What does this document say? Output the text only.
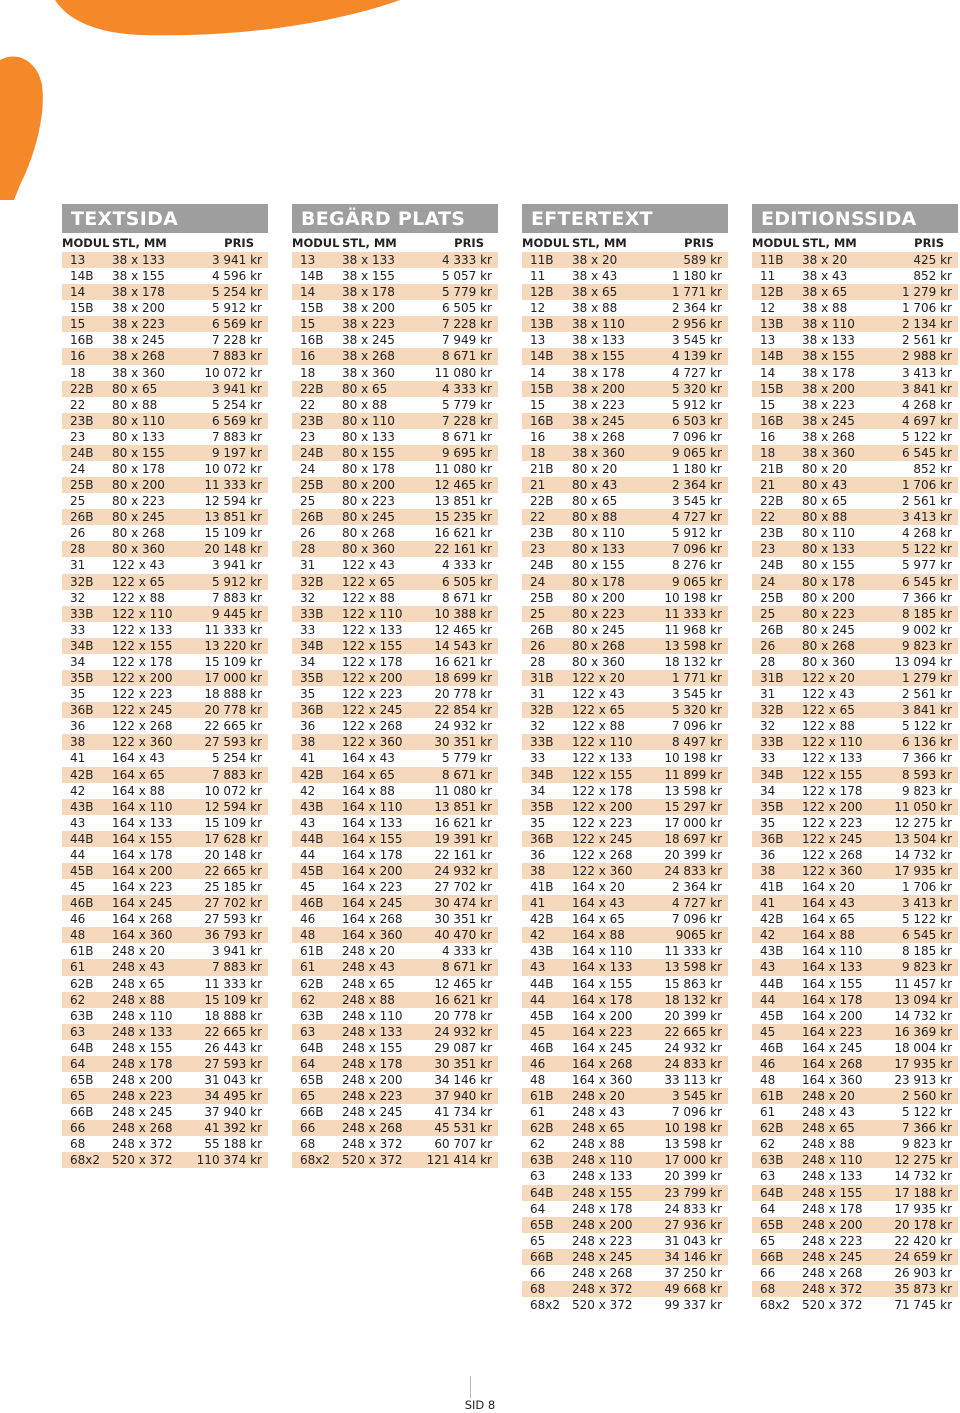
TEXTSIDA
MODUL STL, MM	PRIS
13	38 x 133	3 941 kr
14B	38 x 155	4 596 kr
14	38 x 178	5 254 kr
15B	38 x 200	5 912 kr
15	38 x 223	6 569 kr
16B	38 x 245	7 228 kr
16	38 x 268	7 883 kr
18	38 x 360	10 072 kr
22B	80 x 65	3 941 kr
22	80 x 88	5 254 kr
23B	80 x 110	6 569 kr
23	80 x 133	7 883 kr
24B	80 x 155	9 197 kr
24	80 x 178	10 072 kr
25B	80 x 200	11 333 kr
25	80 x 223	12 594 kr
26B	80 x 245	13 851 kr
26	80 x 268	15 109 kr
28	80 x 360	20 148 kr
31	122 x 43	3 941 kr
32B	122 x 65	5 912 kr
32	122 x 88	7 883 kr
33B	122 x 110	9 445 kr
33	122 x 133	11 333 kr
34B	122 x 155	13 220 kr
34	122 x 178	15 109 kr
35B	122 x 200	17 000 kr
35	122 x 223	18 888 kr
36B	122 x 245	20 778 kr
36	122 x 268	22 665 kr
38	122 x 360	27 593 kr
41	164 x 43	5 254 kr
42B	164 x 65	7 883 kr
42	164 x 88	10 072 kr
43B	164 x 110	12 594 kr
43	164 x 133	15 109 kr
44B	164 x 155	17 628 kr
44	164 x 178	20 148 kr
45B	164 x 200	22 665 kr
45	164 x 223	25 185 kr
46B	164 x 245	27 702 kr
46	164 x 268	27 593 kr
48	164 x 360	36 793 kr
61B	248 x 20	3 941 kr
61	248 x 43	7 883 kr
62B	248 x 65	11 333 kr
62	248 x 88	15 109 kr
63B	248 x 110	18 888 kr
63	248 x 133	22 665 kr
64B	248 x 155	26 443 kr
64	248 x 178	27 593 kr
65B	248 x 200	31 043 kr
65	248 x 223	34 495 kr
66B	248 x 245	37 940 kr
66	248 x 268	41 392 kr
68	248 x 372	55 188 kr
68x2 520 x 372	110 374 kr
BEGÄRD PLATS
MODUL STL, MM	PRIS
13	38 x 133	4 333 kr
14B	38 x 155	5 057 kr
14	38 x 178	5 779 kr
15B	38 x 200	6 505 kr
15	38 x 223	7 228 kr
16B	38 x 245	7 949 kr
16	38 x 268	8 671 kr
18	38 x 360	11 080 kr
22B	80 x 65	4 333 kr
22	80 x 88	5 779 kr
23B	80 x 110	7 228 kr
23	80 x 133	8 671 kr
24B	80 x 155	9 695 kr
24	80 x 178	11 080 kr
25B	80 x 200	12 465 kr
25	80 x 223	13 851 kr
26B	80 x 245	15 235 kr
26	80 x 268	16 621 kr
28	80 x 360	22 161 kr
31	122 x 43	4 333 kr
32B	122 x 65	6 505 kr
32	122 x 88	8 671 kr
33B	122 x 110	10 388 kr
33	122 x 133	12 465 kr
34B	122 x 155	14 543 kr
34	122 x 178	16 621 kr
35B	122 x 200	18 699 kr
35	122 x 223	20 778 kr
36B	122 x 245	22 854 kr
36	122 x 268	24 932 kr
38	122 x 360	30 351 kr
41	164 x 43	5 779 kr
42B	164 x 65	8 671 kr
42	164 x 88	11 080 kr
43B	164 x 110	13 851 kr
43	164 x 133	16 621 kr
44B	164 x 155	19 391 kr
44	164 x 178	22 161 kr
45B	164 x 200	24 932 kr
45	164 x 223	27 702 kr
46B	164 x 245	30 474 kr
46	164 x 268	30 351 kr
48	164 x 360	40 470 kr
61B	248 x 20	4 333 kr
61	248 x 43	8 671 kr
62B	248 x 65	12 465 kr
62	248 x 88	16 621 kr
63B	248 x 110	20 778 kr
63	248 x 133	24 932 kr
64B	248 x 155	29 087 kr
64	248 x 178	30 351 kr
65B	248 x 200	34 146 kr
65	248 x 223	37 940 kr
66B	248 x 245	41 734 kr
66	248 x 268	45 531 kr
68	248 x 372	60 707 kr
68x2 520 x 372	121 414 kr
EFTERTEXT
MODUL STL, MM	PRIS
11B	38 x 20	589 kr
11	38 x 43	1 180 kr
12B	38 x 65	1 771 kr
12	38 x 88	2 364 kr
13B	38 x 110	2 956 kr
13	38 x 133	3 545 kr
14B	38 x 155	4 139 kr
14	38 x 178	4 727 kr
15B	38 x 200	5 320 kr
15	38 x 223	5 912 kr
16B	38 x 245	6 503 kr
16	38 x 268	7 096 kr
18	38 x 360	9 065 kr
21B	80 x 20	1 180 kr
21	80 x 43	2 364 kr
22B	80 x 65	3 545 kr
22	80 x 88	4 727 kr
23B	80 x 110	5 912 kr
23	80 x 133	7 096 kr
24B	80 x 155	8 276 kr
24	80 x 178	9 065 kr
25B	80 x 200	10 198 kr
25	80 x 223	11 333 kr
26B	80 x 245	11 968 kr
26	80 x 268	13 598 kr
28	80 x 360	18 132 kr
31B	122 x 20	1 771 kr
31	122 x 43	3 545 kr
32B	122 x 65	5 320 kr
32	122 x 88	7 096 kr
33B	122 x 110	8 497 kr
33	122 x 133	10 198 kr
34B	122 x 155	11 899 kr
34	122 x 178	13 598 kr
35B	122 x 200	15 297 kr
35	122 x 223	17 000 kr
36B	122 x 245	18 697 kr
36	122 x 268	20 399 kr
38	122 x 360	24 833 kr
41B	164 x 20	2 364 kr
41	164 x 43	4 727 kr
42B	164 x 65	7 096 kr
42	164 x 88	9065 kr
43B	164 x 110	11 333 kr
43	164 x 133	13 598 kr
44B	164 x 155	15 863 kr
44	164 x 178	18 132 kr
45B	164 x 200	20 399 kr
45	164 x 223	22 665 kr
46B	164 x 245	24 932 kr
46	164 x 268	24 833 kr
48	164 x 360	33 113 kr
61B	248 x 20	3 545 kr
61	248 x 43	7 096 kr
62B	248 x 65	10 198 kr
62	248 x 88	13 598 kr
63B	248 x 110	17 000 kr
63	248 x 133	20 399 kr
64B	248 x 155	23 799 kr
64	248 x 178	24 833 kr
65B	248 x 200	27 936 kr
65	248 x 223	31 043 kr
66B	248 x 245	34 146 kr
66	248 x 268	37 250 kr
68	248 x 372	49 668 kr
68x2 520 x 372	99 337 kr
EDITIONSSIDA
MODUL STL, MM	PRIS
11B	38 x 20	425 kr
11	38 x 43	852 kr
12B	38 x 65	1 279 kr
12	38 x 88	1 706 kr
13B	38 x 110	2 134 kr
13	38 x 133	2 561 kr
14B	38 x 155	2 988 kr
14	38 x 178	3 413 kr
15B	38 x 200	3 841 kr
15	38 x 223	4 268 kr
16B	38 x 245	4 697 kr
16	38 x 268	5 122 kr
18	38 x 360	6 545 kr
21B	80 x 20	852 kr
21	80 x 43	1 706 kr
22B	80 x 65	2 561 kr
22	80 x 88	3 413 kr
23B	80 x 110	4 268 kr
23	80 x 133	5 122 kr
24B	80 x 155	5 977 kr
24	80 x 178	6 545 kr
25B	80 x 200	7 366 kr
25	80 x 223	8 185 kr
26B	80 x 245	9 002 kr
26	80 x 268	9 823 kr
28	80 x 360	13 094 kr
31B	122 x 20	1 279 kr
31	122 x 43	2 561 kr
32B	122 x 65	3 841 kr
32	122 x 88	5 122 kr
33B	122 x 110	6 136 kr
33	122 x 133	7 366 kr
34B	122 x 155	8 593 kr
34	122 x 178	9 823 kr
35B	122 x 200	11 050 kr
35	122 x 223	12 275 kr
36B	122 x 245	13 504 kr
36	122 x 268	14 732 kr
38	122 x 360	17 935 kr
41B	164 x 20	1 706 kr
41	164 x 43	3 413 kr
42B	164 x 65	5 122 kr
42	164 x 88	6 545 kr
43B	164 x 110	8 185 kr
43	164 x 133	9 823 kr
44B	164 x 155	11 457 kr
44	164 x 178	13 094 kr
45B	164 x 200	14 732 kr
45	164 x 223	16 369 kr
46B	164 x 245	18 004 kr
46	164 x 268	17 935 kr
48	164 x 360	23 913 kr
61B	248 x 20	2 560 kr
61	248 x 43	5 122 kr
62B	248 x 65	7 366 kr
62	248 x 88	9 823 kr
63B	248 x 110	12 275 kr
63	248 x 133	14 732 kr
64B	248 x 155	17 188 kr
64	248 x 178	17 935 kr
65B	248 x 200	20 178 kr
65	248 x 223	22 420 kr
66B	248 x 245	24 659 kr
66	248 x 268	26 903 kr
68	248 x 372	35 873 kr
68x2 520 x 372	71 745 kr
SID 8
